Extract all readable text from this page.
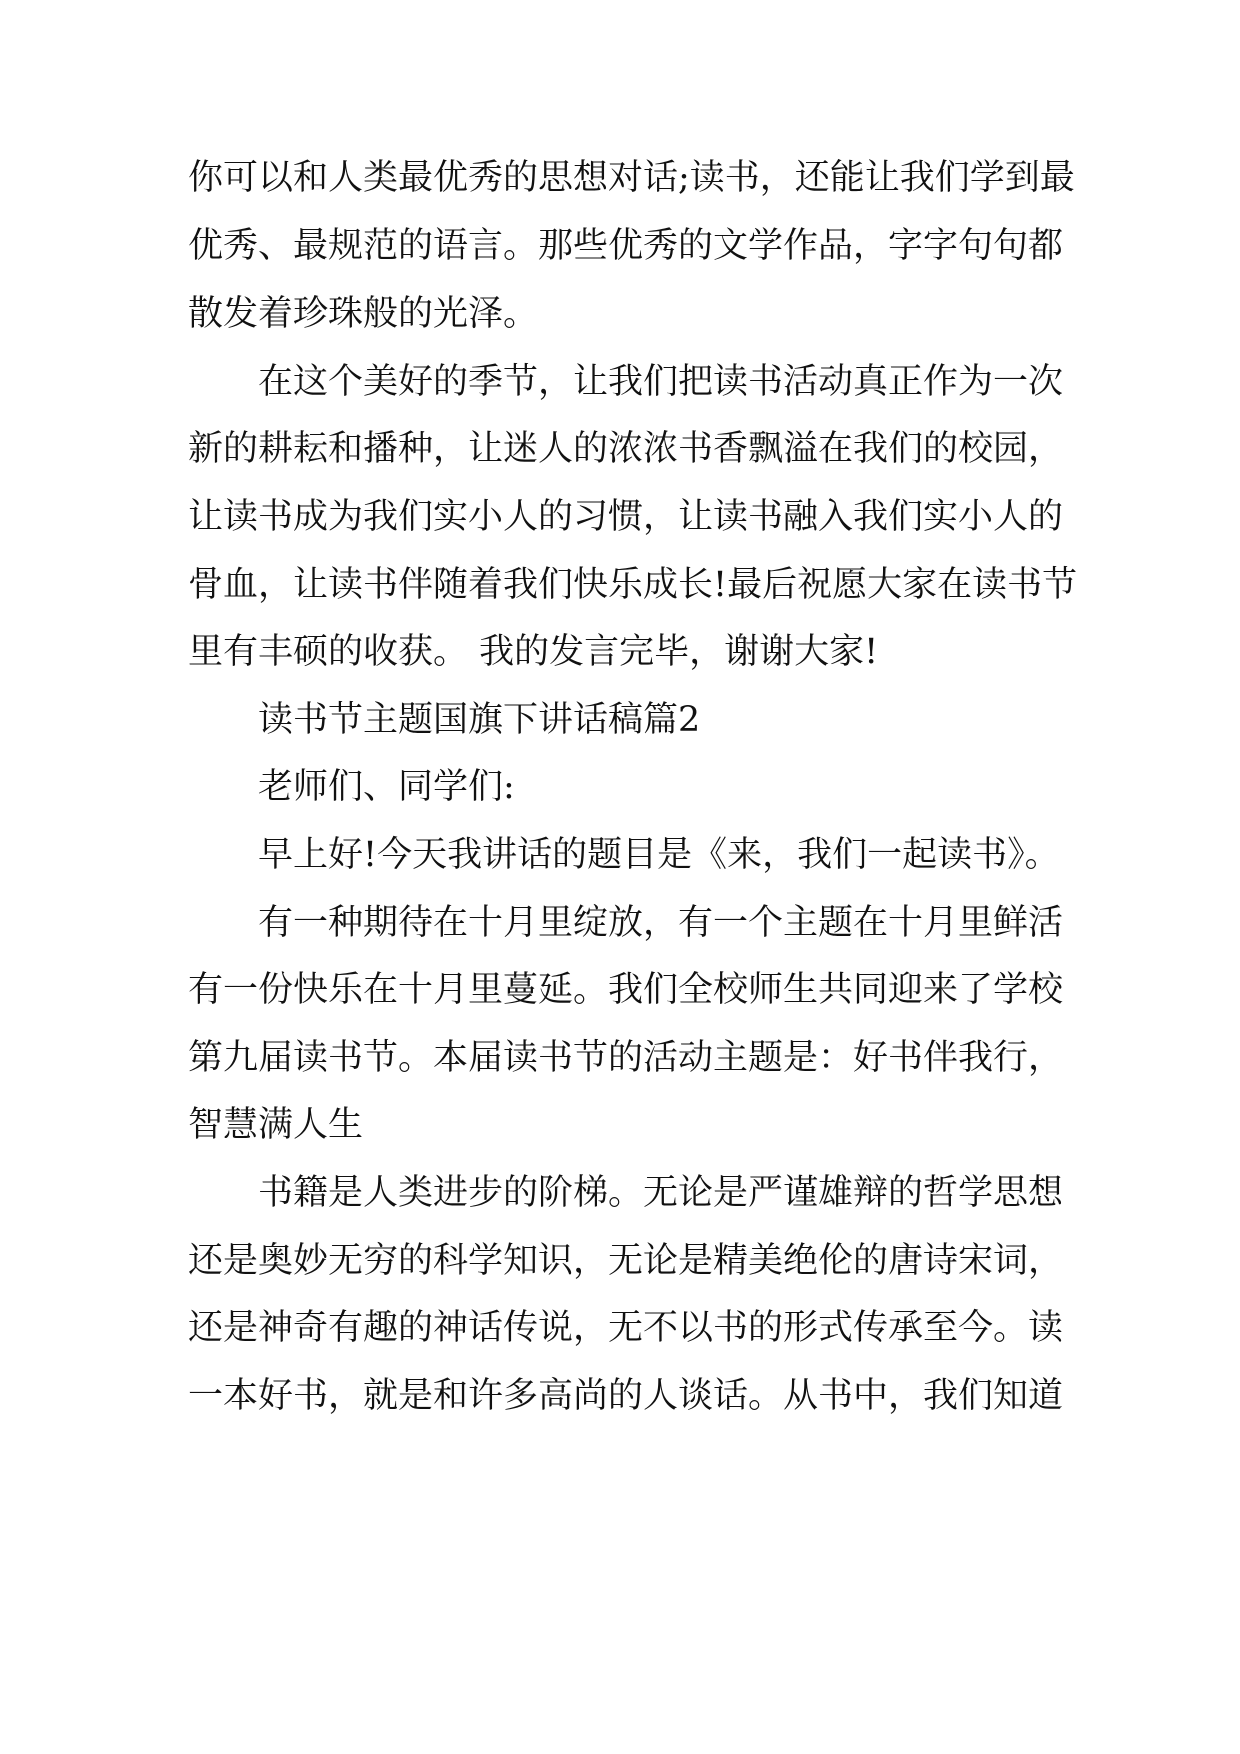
你可以和人类最优秀的思想对话;读书，还能让我们学到最
优秀、最规范的语言。那些优秀的文学作品，字字句句都
散发着珍珠般的光泽。
在这个美好的季节，让我们把读书活动真正作为一次
新的耕耘和播种，让迷人的浓浓书香飘溢在我们的校园，
让读书成为我们实小人的习惯，让读书融入我们实小人的
骨血，让读书伴随着我们快乐成长!最后祝愿大家在读书节
里有丰硕的收获。 我的发言完毕，谢谢大家!
读书节主题国旗下讲话稿篇2
老师们、同学们:
早上好!今天我讲话的题目是《来，我们一起读书》。
有一种期待在十月里绽放，有一个主题在十月里鲜活
有一份快乐在十月里蔓延。我们全校师生共同迎来了学校
第九届读书节。本届读书节的活动主题是：好书伴我行，
智慧满人生
书籍是人类进步的阶梯。无论是严谨雄辩的哲学思想
还是奥妙无穷的科学知识，无论是精美绝伦的唐诗宋词，
还是神奇有趣的神话传说，无不以书的形式传承至今。读
一本好书，就是和许多高尚的人谈话。从书中，我们知道
